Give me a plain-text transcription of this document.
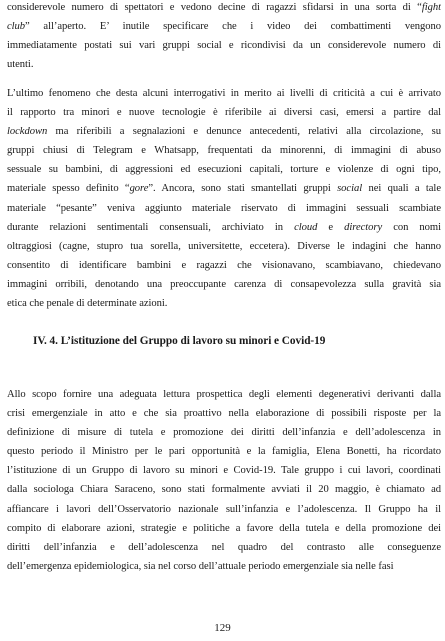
considerevole numero di spettatori e vedono decine di ragazzi sfidarsi in una sorta di “fight
club” all’aperto. E’ inutile specificare che i video dei combattimenti vengono
immediatamente postati sui vari gruppi social e ricondivisi da un considerevole numero di
utenti.
L’ultimo fenomeno che desta alcuni interrogativi in merito ai livelli di criticità a cui è arrivato
il rapporto tra minori e nuove tecnologie è riferibile ai diversi casi, emersi a partire dal
lockdown ma riferibili a segnalazioni e denunce antecedenti, relativi alla circolazione, su
gruppi chiusi di Telegram e Whatsapp, frequentati da minorenni, di immagini di abuso
sessuale su bambini, di aggressioni ed esecuzioni capitali, torture e violenze di ogni tipo,
materiale spesso definito “gore”. Ancora, sono stati smantellati gruppi social nei quali a tale
materiale “pesante” veniva aggiunto materiale riservato di immagini sessuali scambiate
durante relazioni sentimentali consensuali, archiviato in cloud e directory con nomi
oltraggiosi (cagne, stupro tua sorella, universitette, eccetera). Diverse le indagini che hanno
consentito di identificare bambini e ragazzi che visionavano, scambiavano, chiedevano
immagini orribili, denotando una preoccupante carenza di consapevolezza sulla gravità sia
etica che penale di determinate azioni.
IV. 4. L’istituzione del Gruppo di lavoro su minori e Covid-19
Allo scopo fornire una adeguata lettura prospettica degli elementi degenerativi derivanti dalla
crisi emergenziale in atto e che sia proattivo nella elaborazione di possibili risposte per la
definizione di misure di tutela e promozione dei diritti dell’infanzia e dell’adolescenza in
questo periodo il Ministro per le pari opportunità e la famiglia, Elena Bonetti, ha ricordato
l’istituzione di un Gruppo di lavoro su minori e Covid-19. Tale gruppo i cui lavori, coordinati
dalla sociologa Chiara Saraceno, sono stati formalmente avviati il 20 maggio, è chiamato ad
affiancare i lavori dell’Osservatorio nazionale sull’infanzia e l’adolescenza. Il Gruppo ha il
compito di elaborare azioni, strategie e politiche a favore della tutela e della promozione dei
diritti dell’infanzia e dell’adolescenza nel quadro del contrasto alle conseguenze
dell’emergenza epidemiologica, sia nel corso dell’attuale periodo emergenziale sia nelle fasi
129
